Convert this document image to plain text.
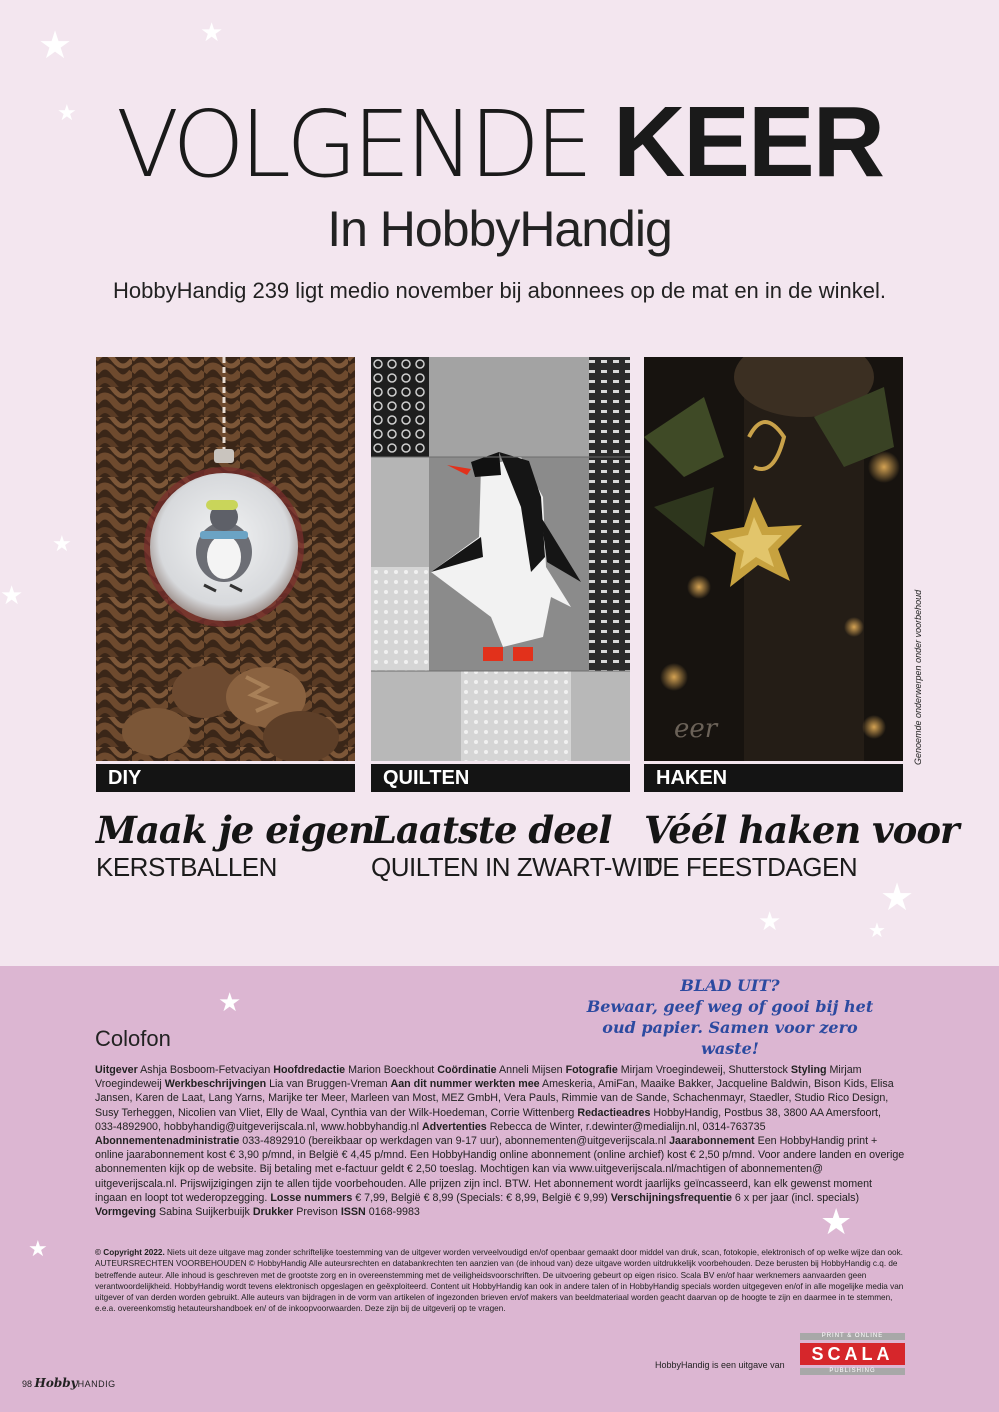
★	★
★
★
★
★
★	★
★
★
★
VOLGENDE KEER
In HobbyHandig
HobbyHandig 239 ligt medio november bij abonnees op de mat en in de winkel.
eer
DIY	QUILTEN	HAKEN
Maak je eigen
Laatste deel Véél haken voor
KERSTBALLEN	QUILTEN IN ZWART-WIT'
DE FEESTDAGEN
Genoemde onderwerpen onder voorbehoud
BLAD UIT?
Bewaar, geef weg of gooi bij het
oud papier. Samen voor zero waste!
Colofon
Uitgever Ashja Bosboom-Fetvaciyan Hoofdredactie Marion Boeckhout Coördinatie Anneli Mijsen Fotografie Mirjam Vroegindeweij, Shutterstock Styling Mirjam Vroegindeweij Werkbeschrijvingen Lia van Bruggen-Vreman Aan dit nummer werkten mee Ameskeria, AmiFan, Maaike Bakker, Jacqueline Baldwin, Bison Kids, Elisa Jansen, Karen de Laat, Lang Yarns, Marijke ter Meer, Marleen van Most, MEZ GmbH, Vera Pauls, Rimmie van de Sande, Schachenmayr, Staedler, Studio Rico Design, Susy Terheggen, Nicolien van Vliet, Elly de Waal, Cynthia van der Wilk-Hoedeman, Corrie Wittenberg Redactieadres HobbyHandig, Postbus 38, 3800 AA Amersfoort, 033-4892900, hobbyhandig@uitgeverijscala.nl, www.hobbyhandig.nl Advertenties Rebecca de Winter, r.dewinter@medialijn.nl, 0314-763735 Abonnementenadministratie 033-4892910 (bereikbaar op werkdagen van 9-17 uur), abonnementen@uitgeverijscala.nl Jaarabonnement Een HobbyHandig print + online jaarabonnement kost € 3,90 p/mnd, in België € 4,45 p/mnd. Een HobbyHandig online abonnement (online archief) kost € 2,50 p/mnd. Voor andere landen en overige abonnementen kijk op de website. Bij betaling met e-factuur geldt € 2,50 toeslag. Mochtigen kan via www.uitgeverijscala.nl/machtigen of abonnementen@ uitgeverijscala.nl. Prijswijzigingen zijn te allen tijde voorbehouden. Alle prijzen zijn incl. BTW. Het abonnement wordt jaarlijks geïncasseerd, kan elk gewenst moment ingaan en loopt tot wederopzegging. Losse nummers € 7,99, België € 8,99 (Specials: € 8,99, België € 9,99) Verschijningsfrequentie 6 x per jaar (incl. specials) Vormgeving Sabina Suijkerbuijk Drukker Previson ISSN 0168-9983
© Copyright 2022. Niets uit deze uitgave mag zonder schriftelijke toestemming van de uitgever worden verveelvoudigd en/of openbaar gemaakt door middel van druk, scan, fotokopie, elektronisch of op welke wijze dan ook. AUTEURSRECHTEN VOORBEHOUDEN © HobbyHandig Alle auteursrechten en databankrechten ten aanzien van (de inhoud van) deze uitgave worden uitdrukkelijk voorbehouden. Deze berusten bij HobbyHandig c.q. de betreffende auteur. Alle inhoud is geschreven met de grootste zorg en in overeenstemming met de veiligheidsvoorschriften. De uitvoering gebeurt op eigen risico. Scala BV en/of haar werknemers aanvaarden geen verantwoordelijkheid. HobbyHandig wordt tevens elektronisch opgeslagen en geëxploiteerd. Content uit HobbyHandig kan ook in andere talen of in HobbyHandig specials worden uitgegeven en/of in alle mogelijke media van uitgever of van derden worden gebruikt. Alle auteurs van bijdragen in de vorm van artikelen of ingezonden brieven en/of makers van beeldmateriaal worden geacht daarvan op de hoogte te zijn en daarmee in te stemmen, e.e.a. overeenkomstig hetauteurshandboek en/ of de inkoopvoorwaarden. Deze zijn bij de uitgeverij op te vragen.
HobbyHandig is een uitgave van
PRINT & ONLINE
SCALA
PUBLISHING
98 HobbyHANDIG
